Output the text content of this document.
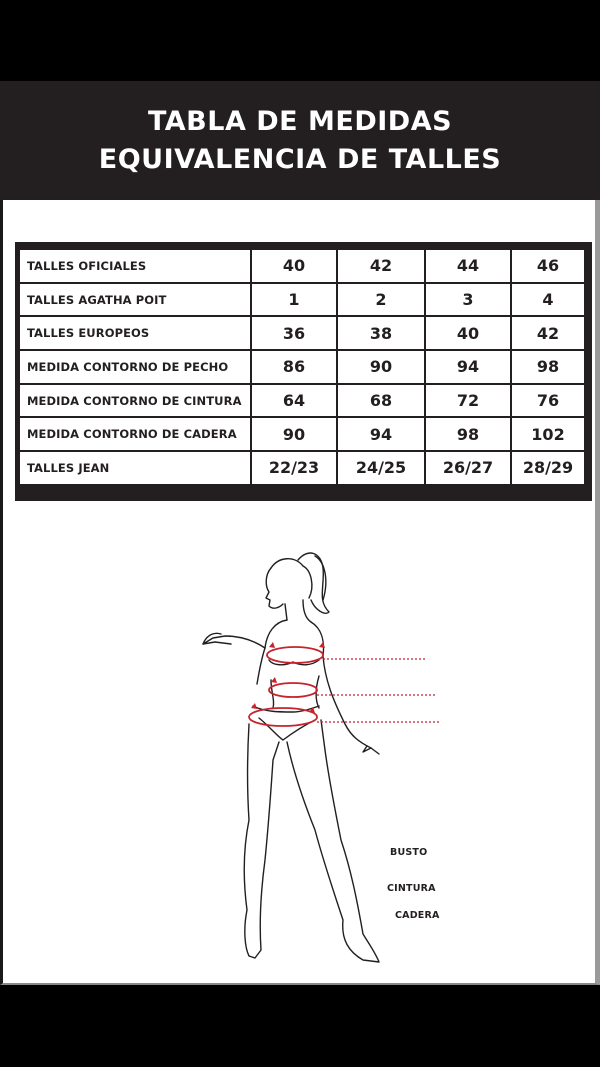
TABLA DE MEDIDAS
EQUIVALENCIA DE TALLES
TALLES OFICIALES	40	42	44	46
TALLES AGATHA POIT	1	2	3	4
TALLES EUROPEOS	36	38	40	42
MEDIDA CONTORNO DE PECHO	86	90	94	98
MEDIDA CONTORNO DE CINTURA	64	68	72	76
MEDIDA CONTORNO DE CADERA	90	94	98	102
TALLES JEAN	22/23	24/25	26/27	28/29
BUSTO
CINTURA
CADERA
